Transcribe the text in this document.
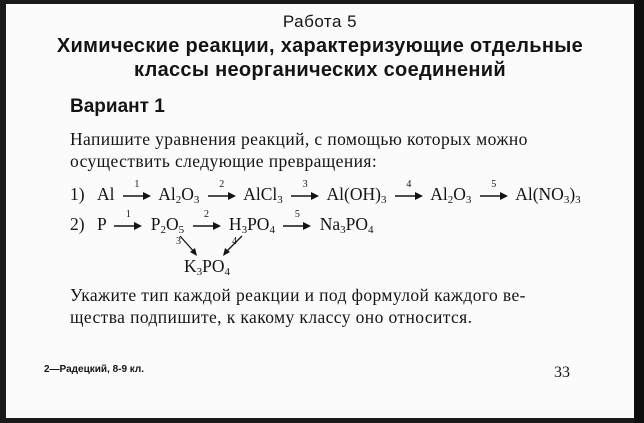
Работа 5
Химические реакции, характеризующие отдельные
классы неорганических соединений
Вариант 1
Напишите уравнения реакций, с помощью которых можно
осуществить следующие превращения:
1) Al	1	$Al_2O_3$
2	AlCl$_3$
3	$Al(OH)_3$
4	$Al_2O_3$
5	$Al(NO_3)_3$
2) P	1	$P_2O_5$
2	$H_3PO_4$
5	$Na_3PO_4$
3	4
$K_3PO_4$
Укажите тип каждой реакции и под формулой каждого ве-
щества подпишите, к какому классу оно относится.
2—Радецкий, 8-9 кл.	33
